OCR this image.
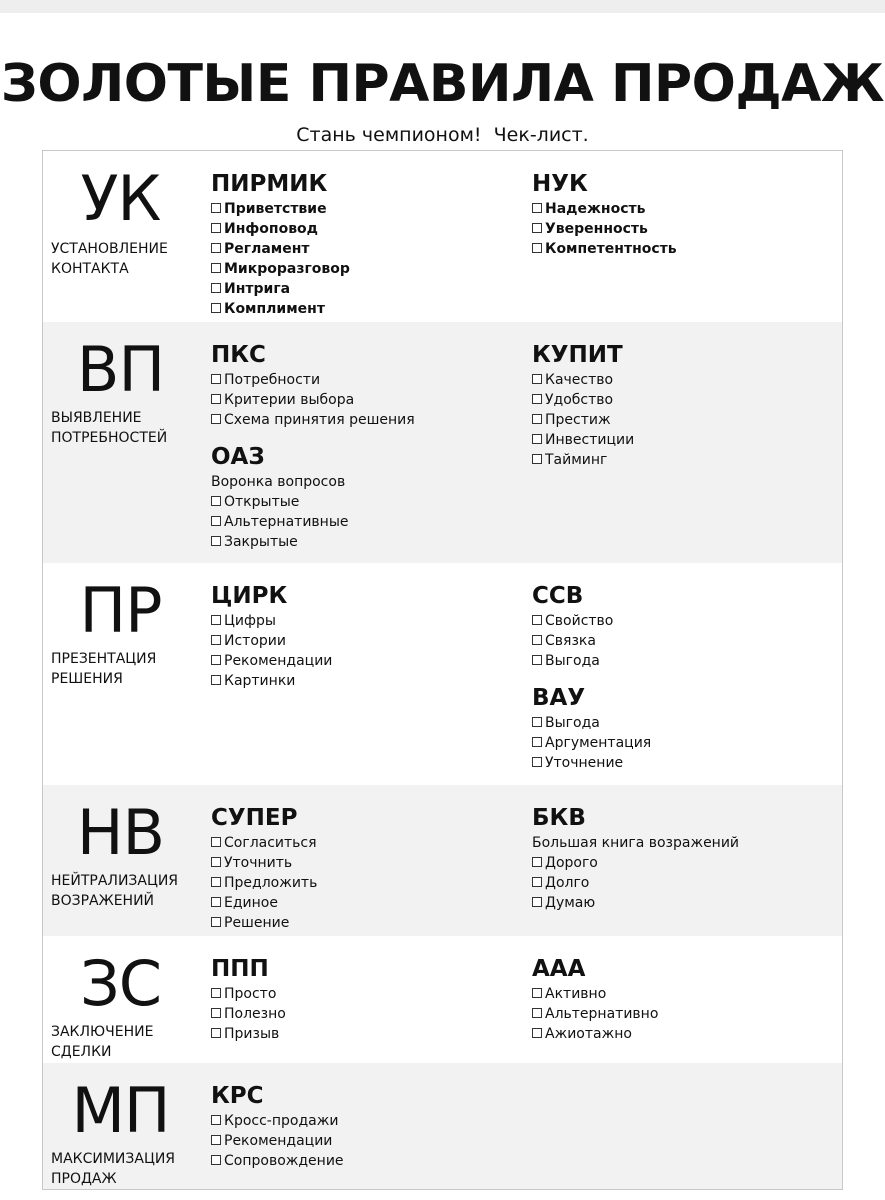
ЗОЛОТЫЕ ПРАВИЛА ПРОДАЖ
Стань чемпионом!  Чек-лист.
УК
УСТАНОВЛЕНИЕ КОНТАКТА
ПИРМИК
Приветствие
Инфоповод
Регламент
Микроразговор
Интрига
Комплимент
НУК
Надежность
Уверенность
Компетентность
ВП
ВЫЯВЛЕНИЕ ПОТРЕБНОСТЕЙ
ПКС
Потребности
Критерии выбора
Схема принятия решения
ОАЗ
Воронка вопросов
Открытые
Альтернативные
Закрытые
КУПИТ
Качество
Удобство
Престиж
Инвестиции
Тайминг
ПР
ПРЕЗЕНТАЦИЯ РЕШЕНИЯ
ЦИРК
Цифры
Истории
Рекомендации
Картинки
ССВ
Свойство
Связка
Выгода
ВАУ
Выгода
Аргументация
Уточнение
НВ
НЕЙТРАЛИЗАЦИЯ ВОЗРАЖЕНИЙ
СУПЕР
Согласиться
Уточнить
Предложить
Единое
Решение
БКВ
Большая книга возражений
Дорого
Долго
Думаю
ЗС
ЗАКЛЮЧЕНИЕ СДЕЛКИ
ППП
Просто
Полезно
Призыв
ААА
Активно
Альтернативно
Ажиотажно
МП
МАКСИМИЗАЦИЯ ПРОДАЖ
КРС
Кросс-продажи
Рекомендации
Сопровождение
